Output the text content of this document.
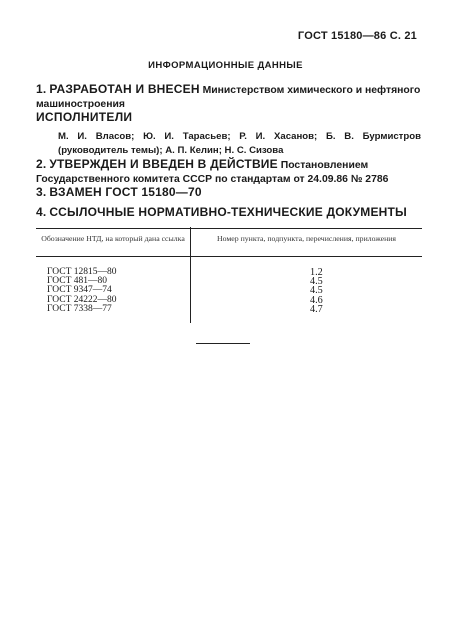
ГОСТ 15180—86 С. 21
ИНФОРМАЦИОННЫЕ ДАННЫЕ
1. РАЗРАБОТАН И ВНЕСЕН Министерством химического и нефтяного машиностроения
ИСПОЛНИТЕЛИ
М. И. Власов; Ю. И. Тарасьев; Р. И. Хасанов; Б. В. Бурмистров (руководитель темы); А. П. Келин; Н. С. Сизова
2. УТВЕРЖДЕН И ВВЕДЕН В ДЕЙСТВИЕ Постановлением Государственного комитета СССР по стандартам от 24.09.86 № 2786
3. ВЗАМЕН ГОСТ 15180—70
4. ССЫЛОЧНЫЕ НОРМАТИВНО-ТЕХНИЧЕСКИЕ ДОКУМЕНТЫ
Обозначение НТД, на который дана ссылка	Номер пункта, подпункта, перечисления, приложения
ГОСТ 12815—80
ГОСТ 481—80
ГОСТ 9347—74
ГОСТ 24222—80
ГОСТ 7338—77
1.2
4.5
4.5
4.6
4.7
